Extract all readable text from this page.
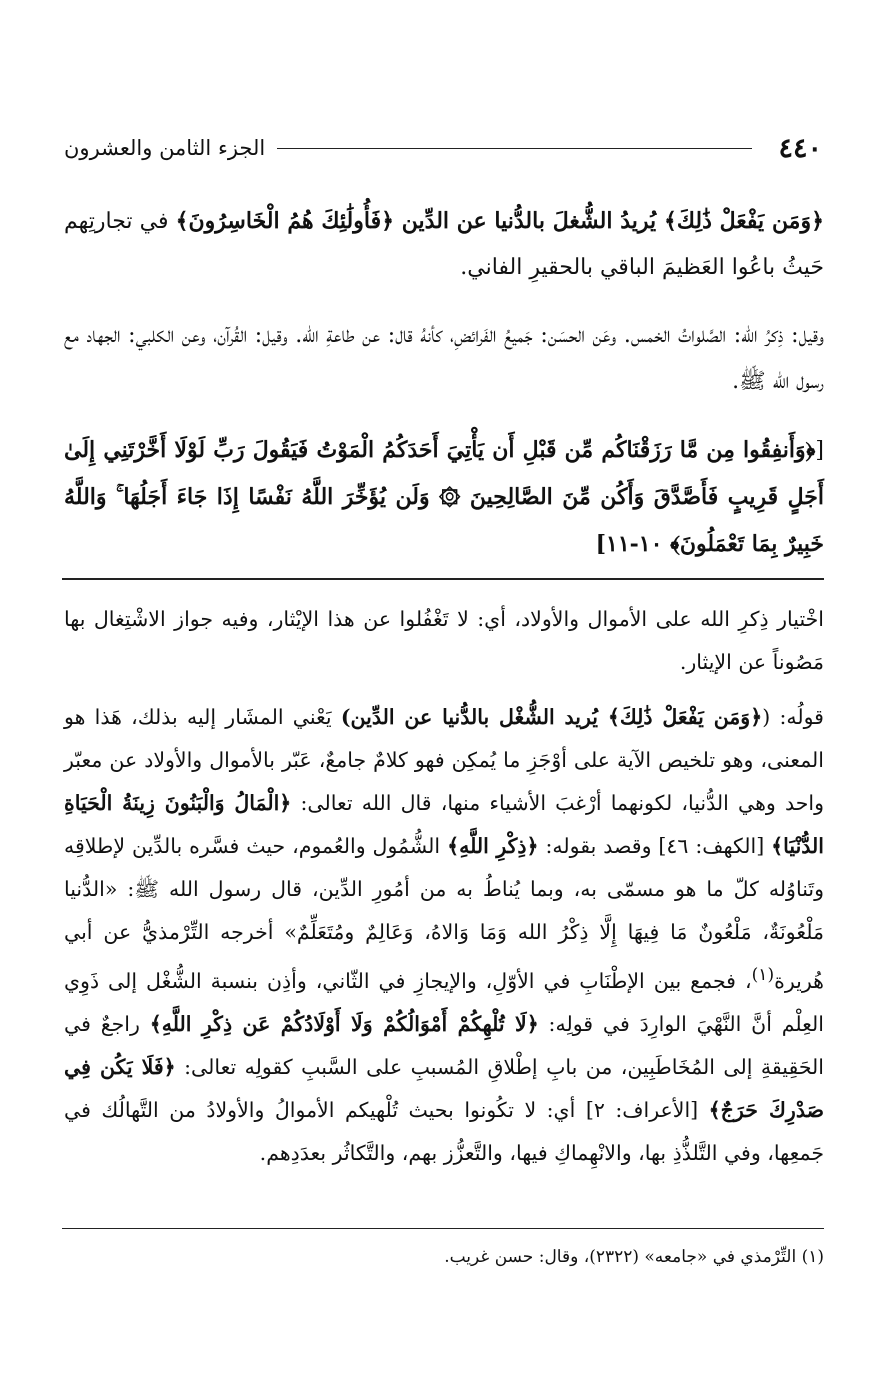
٤٤٠
الجزء الثامن والعشرون

﴿وَمَن يَفْعَلْ ذَٰلِكَ﴾ يُريدُ الشُّغلَ بالدُّنيا عن الدِّين ﴿فَأُولَٰئِكَ هُمُ الْخَاسِرُونَ﴾ في تجارتِهم حَيثُ باعُوا العَظيمَ الباقي بالحقيرِ الفاني.

وقيل: ذِكرُ الله: الصَّلواتُ الخمس. وعَن الحسَن: جَميعُ الفَرائضِ، كأنهُ قال: عن طاعةِ الله. وقيل: القُرآن، وعن الكلبي: الجهاد مع رسول الله ﷺ.

[﴿وَأَنفِقُوا مِن مَّا رَزَقْنَاكُم مِّن قَبْلِ أَن يَأْتِيَ أَحَدَكُمُ الْمَوْتُ فَيَقُولَ رَبِّ لَوْلَا أَخَّرْتَنِي إِلَىٰ أَجَلٍ قَرِيبٍ فَأَصَّدَّقَ وَأَكُن مِّنَ الصَّالِحِينَ ۞ وَلَن يُؤَخِّرَ اللَّهُ نَفْسًا إِذَا جَاءَ أَجَلُهَا ۚ وَاللَّهُ خَبِيرٌ بِمَا تَعْمَلُونَ﴾ ١٠-١١]

اخْتيار ذِكرِ الله على الأموال والأولاد، أي: لا تَغْفُلوا عن هذا الإيْثار، وفيه جواز الاشْتِغال بها مَصُوناً عن الإيثار.

قولُه: (﴿وَمَن يَفْعَلْ ذَٰلِكَ﴾ يُريد الشُّغْل بالدُّنيا عن الدِّين) يَعْني المشَار إليه بذلك، هَذا هو المعنى، وهو تلخيص الآية على أوْجَزِ ما يُمكِن فهو كلامٌ جامعٌ، عَبّر بالأموال والأولاد عن معبّر واحد وهي الدُّنيا، لكونهما أرْغبَ الأشياء منها، قال الله تعالى: ﴿الْمَالُ وَالْبَنُونَ زِينَةُ الْحَيَاةِ الدُّنْيَا﴾ [الكهف: ٤٦] وقصد بقوله: ﴿ذِكْرِ اللَّهِ﴾ الشُّمُول والعُموم، حيث فسَّره بالدِّين لإطلاقِه وتَناوُله كلّ ما هو مسمّى به، وبما يُناطُ به من أمُورِ الدِّين، قال رسول الله ﷺ: «الدُّنيا مَلْعُونَةٌ، مَلْعُونٌ مَا فِيهَا إِلَّا ذِكْرُ الله وَمَا وَالاهُ، وَعَالِمٌ ومُتَعَلِّمٌ» أخرجه التِّرْمذيُّ عن أبي هُريرة$^{(١)}$، فجمع بين الإطْنَابِ في الأوّلِ، والإيجازِ في الثّاني، وأذِن بنسبة الشُّغْل إلى ذَوِي العِلْم أنَّ النَّهْيَ الوارِدَ في قولِه: ﴿لَا تُلْهِكُمْ أَمْوَالُكُمْ وَلَا أَوْلَادُكُمْ عَن ذِكْرِ اللَّهِ﴾ راجعٌ في الحَقِيقةِ إلى المُخَاطَبِين، من بابِ إطْلاقِ المُسببِ على السَّببِ كقولِه تعالى: ﴿فَلَا يَكُن فِي صَدْرِكَ حَرَجٌ﴾ [الأعراف: ٢] أي: لا تكُونوا بحيث تُلْهيكم الأموالُ والأولادُ من التَّهالُك في جَمعِها، وفي التَّلذُّذِ بها، والانْهِماكِ فيها، والتَّعزُّز بهم، والتَّكاثُر بعدَدِهم.

(١) التِّرْمذي في «جامعه» (٢٣٢٢)، وقال: حسن غريب.
